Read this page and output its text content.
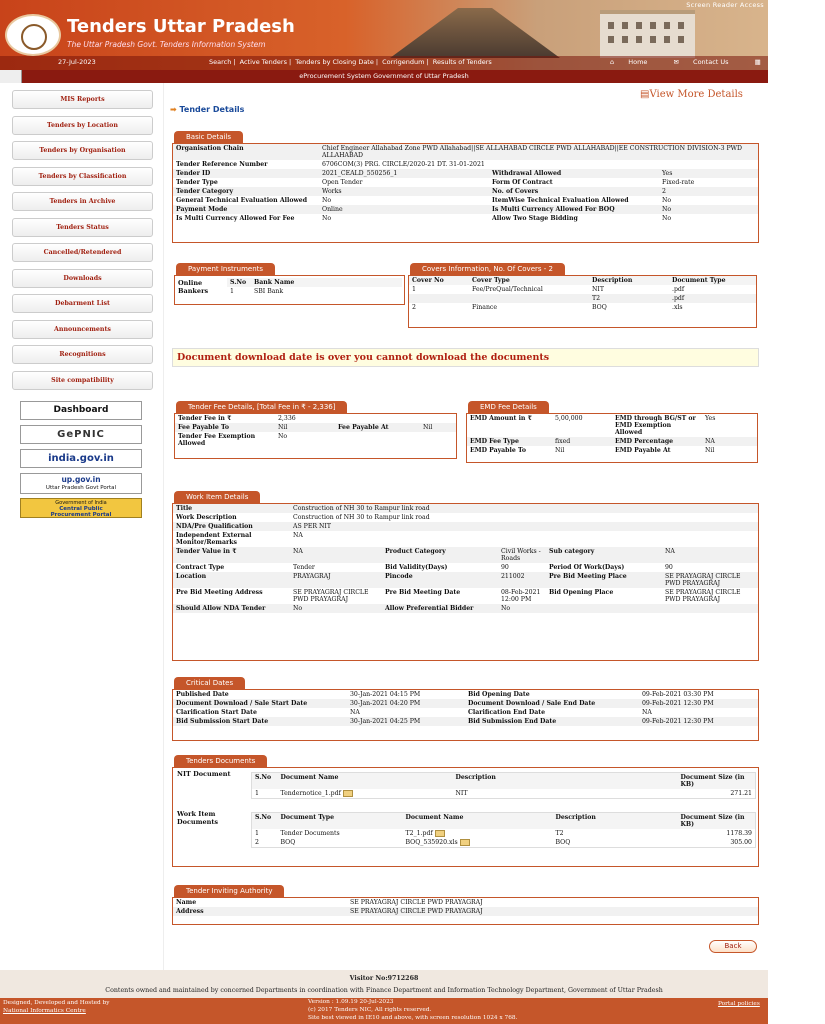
Tenders Uttar Pradesh
The Uttar Pradesh Govt. Tenders Information System
Screen Reader Access
27-Jul-2023	Search | Active Tenders | Tenders by Closing Date | Corrigendum | Results of Tenders	⌂ Home	✉ Contact Us	▦ SiteMap
eProcurement System Government of Uttar Pradesh
MIS Reports
Tenders by Location
Tenders by Organisation
Tenders by Classification
Tenders in Archive
Tenders Status
Cancelled/Retendered
Downloads
Debarment List
Announcements
Recognitions
Site compatibility
Dashboard
GePNIC
india.gov.in
up.gov.in
Uttar Pradesh Govt Portal
Government of India
Central Public
Procurement Portal
➡ Tender Details
▤View More Details
Basic Details
Organisation Chain	Chief Engineer Allahabad Zone PWD Allahabad||SE ALLAHABAD CIRCLE PWD ALLAHABAD||EE CONSTRUCTION DIVISION-3 PWD ALLAHABAD		
Tender Reference Number	6706COM(3) PRG. CIRCLE/2020-21 DT. 31-01-2021		
Tender ID	2021_CEALD_550256_1	Withdrawal Allowed	Yes
Tender Type	Open Tender	Form Of Contract	Fixed-rate
Tender Category	Works	No. of Covers	2
General Technical Evaluation Allowed	No	ItemWise Technical Evaluation Allowed	No
Payment Mode	Online	Is Multi Currency Allowed For BOQ	No
Is Multi Currency Allowed For Fee	No	Allow Two Stage Bidding	No
Payment Instruments
Online Bankers
S.No	Bank Name
1	SBI Bank
Covers Information, No. Of Covers - 2
Cover No	Cover Type	Description	Document Type
1	Fee/PreQual/Technical	NIT	.pdf
		T2	.pdf
2	Finance	BOQ	.xls
Document download date is over you cannot download the documents
Tender Fee Details, [Total Fee in ₹ - 2,336]
Tender Fee in ₹	2,336		
Fee Payable To	Nil	Fee Payable At	Nil
Tender Fee Exemption Allowed	No		
EMD Fee Details
EMD Amount in ₹	5,00,000	EMD through BG/ST or EMD Exemption Allowed	Yes
EMD Fee Type	fixed	EMD Percentage	NA
EMD Payable To	Nil	EMD Payable At	Nil
Work Item Details
Title	Construction of NH 30 to Rampur link road				
Work Description	Construction of NH 30 to Rampur link road				
NDA/Pre Qualification	AS PER NIT				
Independent External Monitor/Remarks	NA				
Tender Value in ₹	NA	Product Category	Civil Works - Roads	Sub category	NA
Contract Type	Tender	Bid Validity(Days)	90	Period Of Work(Days)	90
Location	PRAYAGRAJ	Pincode	211002	Pre Bid Meeting Place	SE PRAYAGRAJ CIRCLE PWD PRAYAGRAJ
Pre Bid Meeting Address	SE PRAYAGRAJ CIRCLE PWD PRAYAGRAJ	Pre Bid Meeting Date	08-Feb-2021 12:00 PM	Bid Opening Place	SE PRAYAGRAJ CIRCLE PWD PRAYAGRAJ
Should Allow NDA Tender	No	Allow Preferential Bidder	No		
Critical Dates
Published Date	30-Jan-2021 04:15 PM	Bid Opening Date	09-Feb-2021 03:30 PM
Document Download / Sale Start Date	30-Jan-2021 04:20 PM	Document Download / Sale End Date	09-Feb-2021 12:30 PM
Clarification Start Date	NA	Clarification End Date	NA
Bid Submission Start Date	30-Jan-2021 04:25 PM	Bid Submission End Date	09-Feb-2021 12:30 PM
Tenders Documents
NIT Document	S.No	Document Name	Description	Document Size (in KB)
1	Tendernotice_1.pdf	NIT	271.21
Work Item Documents
S.No	Document Type	Document Name	Description	Document Size (in KB)
1	Tender Documents	T2_1.pdf	T2	1178.39
2	BOQ	BOQ_535920.xls	BOQ	305.00
Tender Inviting Authority
Name	SE PRAYAGRAJ CIRCLE PWD PRAYAGRAJ
Address	SE PRAYAGRAJ CIRCLE PWD PRAYAGRAJ
Back
Visitor No:9712268
Contents owned and maintained by concerned Departments in coordination with Finance Department and Information Technology Department, Government of Uttar Pradesh
Designed, Developed and Hosted by
National Informatics Centre
Version : 1.09.19 20-Jul-2023
(c) 2017 Tenders NIC, All rights reserved.
Site best viewed in IE10 and above, with screen resolution 1024 x 768.
Portal policies
